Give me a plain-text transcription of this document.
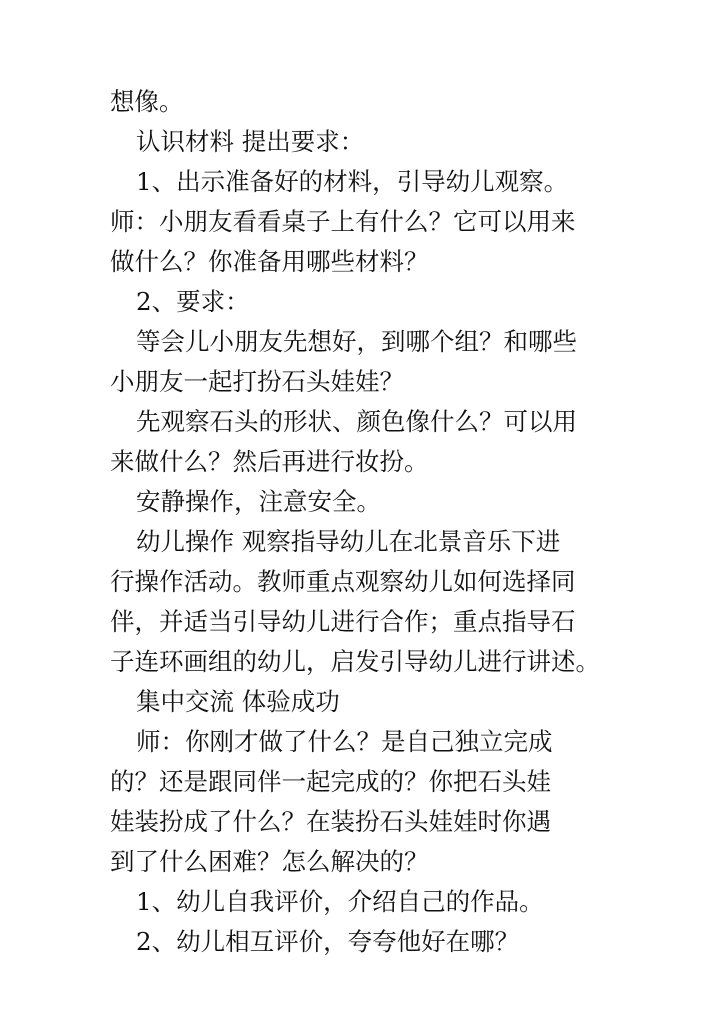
想像。
认识材料 提出要求：
1、出示准备好的材料，引导幼儿观察。
师：小朋友看看桌子上有什么？它可以用来
做什么？你准备用哪些材料？
2、要求：
等会儿小朋友先想好，到哪个组？和哪些
小朋友一起打扮石头娃娃？
先观察石头的形状、颜色像什么？可以用
来做什么？然后再进行妆扮。
安静操作，注意安全。
幼儿操作 观察指导幼儿在北景音乐下进
行操作活动。教师重点观察幼儿如何选择同
伴，并适当引导幼儿进行合作；重点指导石
子连环画组的幼儿，启发引导幼儿进行讲述。
集中交流 体验成功
师：你刚才做了什么？是自己独立完成
的？还是跟同伴一起完成的？你把石头娃
娃装扮成了什么？在装扮石头娃娃时你遇
到了什么困难？怎么解决的？
1、幼儿自我评价，介绍自己的作品。
2、幼儿相互评价，夸夸他好在哪？
